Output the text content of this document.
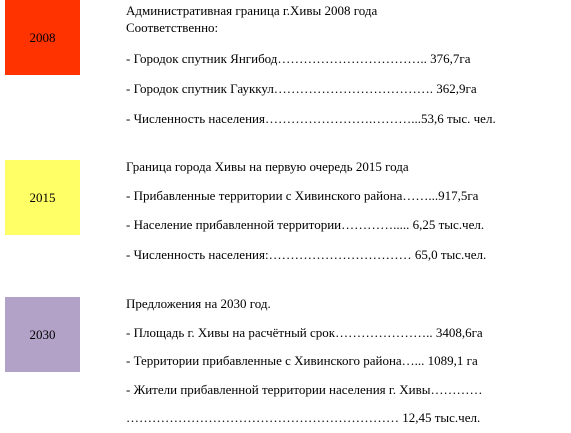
2008
Административная граница г.Хивы 2008 года
Соответственно:
- Городок спутник Янгибод…………………………….. 376,7га
- Городок спутник Гауккул………………………………. 362,9га
- Численность населения…………………….………...53,6 тыс. чел.
2015
Граница города Хивы на первую очередь 2015 года
- Прибавленные территории с Хивинского района……...917,5га
- Население прибавленной территории…………..... 6,25 тыс.чел.
- Численность населения:…………………………… 65,0 тыс.чел.
2030
Предложения на 2030 год.
- Площадь г. Хивы на расчётный срок………………….. 3408,6га
- Территории прибавленные с Хивинского района…... 1089,1 га
- Жители прибавленной территории населения г. Хивы…………
……………………………………………………… 12,45 тыс.чел.
